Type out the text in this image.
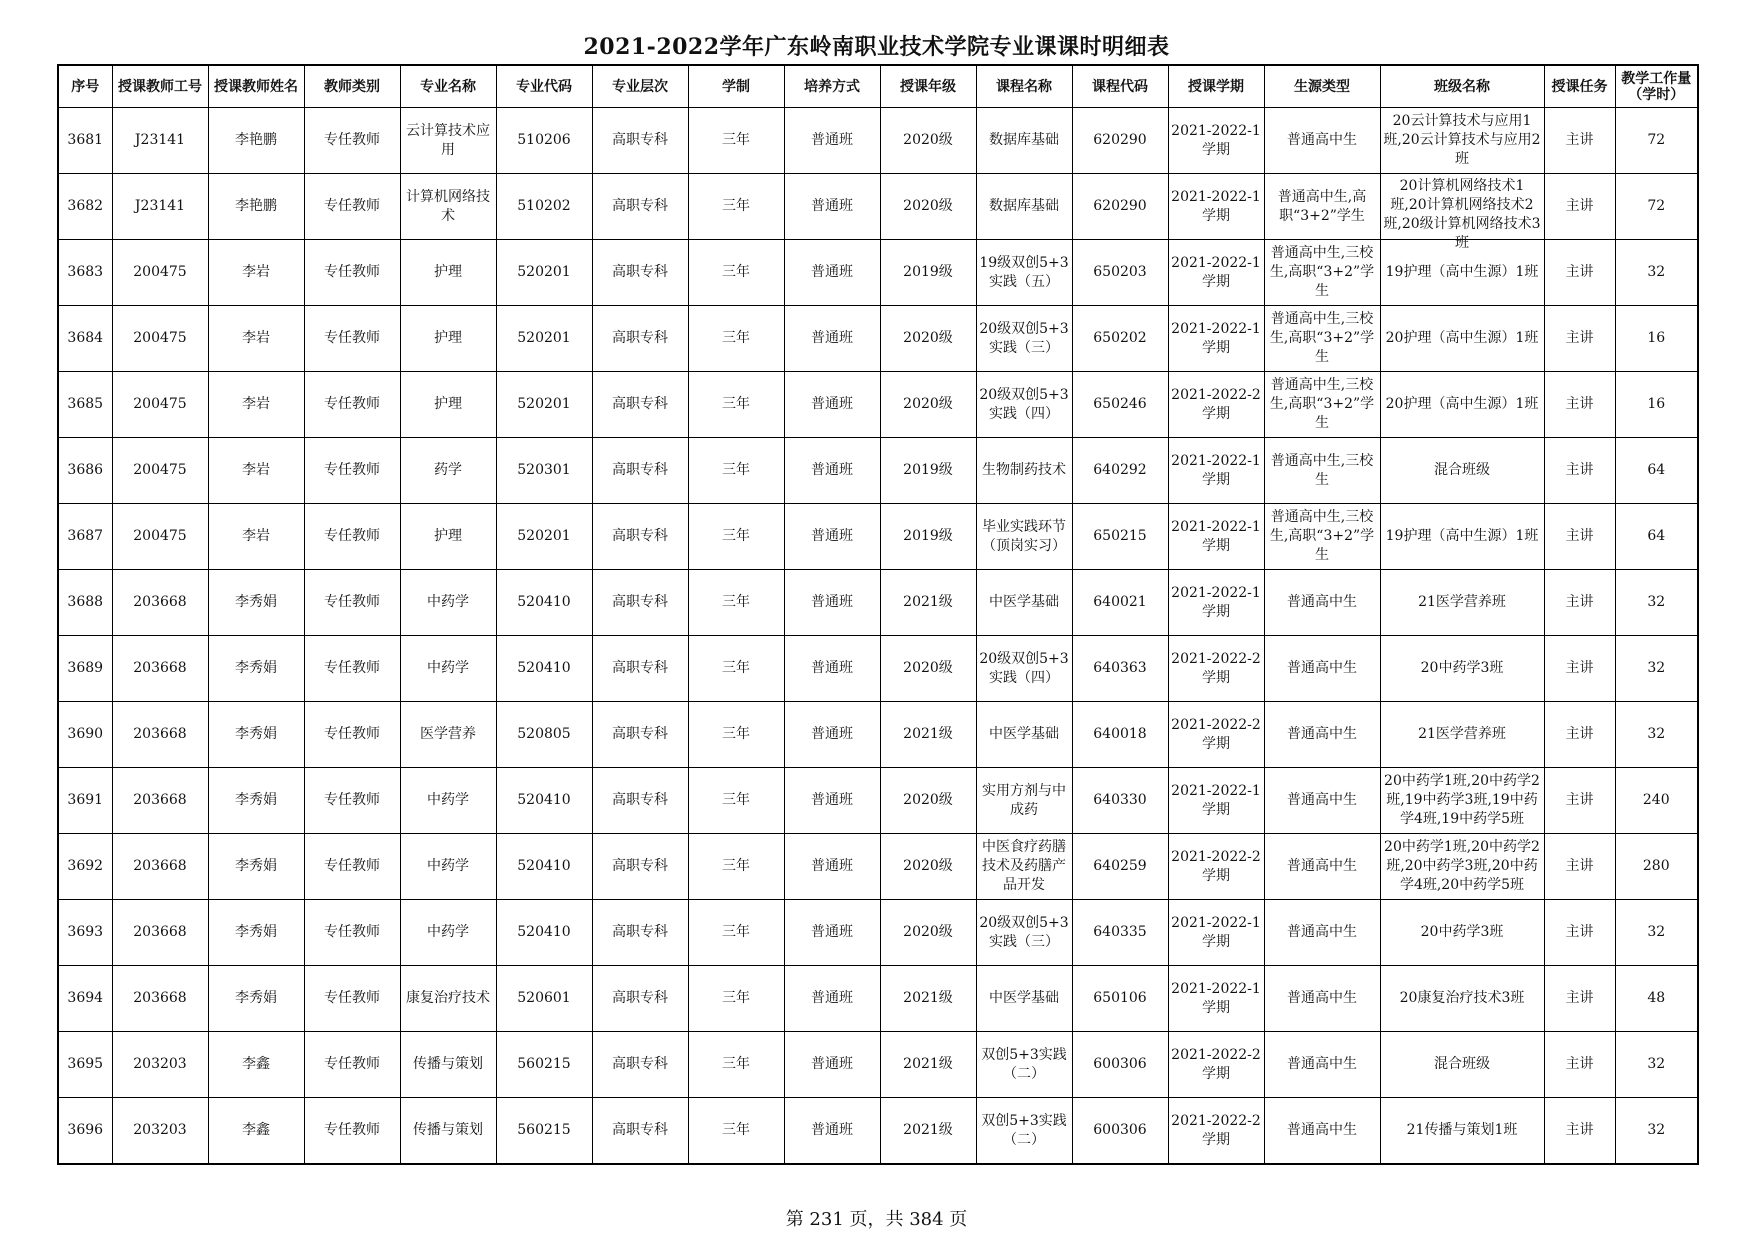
2021-2022学年广东岭南职业技术学院专业课课时明细表
序号	授课教师工号	授课教师姓名	教师类别	专业名称	专业代码	专业层次	学制	培养方式	授课年级	课程名称	课程代码	授课学期	生源类型	班级名称	授课任务	教学工作量（学时）

3681	J23141	李艳鹏	专任教师	云计算技术应用	510206	高职专科	三年	普通班	2020级	数据库基础	620290	2021-2022-1学期	普通高中生	20云计算技术与应用1班,20云计算技术与应用2班	主讲	72

3682	J23141	李艳鹏	专任教师	计算机网络技术	510202	高职专科	三年	普通班	2020级	数据库基础	620290	2021-2022-1学期	普通高中生,高职“3+2”学生	20计算机网络技术1班,20计算机网络技术2班,20级计算机网络技术3班	主讲	72

3683	200475	李岩	专任教师	护理	520201	高职专科	三年	普通班	2019级	19级双创5+3实践（五）	650203	2021-2022-1学期	普通高中生,三校生,高职“3+2”学生	19护理（高中生源）1班	主讲	32

3684	200475	李岩	专任教师	护理	520201	高职专科	三年	普通班	2020级	20级双创5+3实践（三）	650202	2021-2022-1学期	普通高中生,三校生,高职“3+2”学生	20护理（高中生源）1班	主讲	16

3685	200475	李岩	专任教师	护理	520201	高职专科	三年	普通班	2020级	20级双创5+3实践（四）	650246	2021-2022-2学期	普通高中生,三校生,高职“3+2”学生	20护理（高中生源）1班	主讲	16

3686	200475	李岩	专任教师	药学	520301	高职专科	三年	普通班	2019级	生物制药技术	640292	2021-2022-1学期	普通高中生,三校生	混合班级	主讲	64

3687	200475	李岩	专任教师	护理	520201	高职专科	三年	普通班	2019级	毕业实践环节（顶岗实习）	650215	2021-2022-1学期	普通高中生,三校生,高职“3+2”学生	19护理（高中生源）1班	主讲	64

3688	203668	李秀娟	专任教师	中药学	520410	高职专科	三年	普通班	2021级	中医学基础	640021	2021-2022-1学期	普通高中生	21医学营养班	主讲	32

3689	203668	李秀娟	专任教师	中药学	520410	高职专科	三年	普通班	2020级	20级双创5+3实践（四）	640363	2021-2022-2学期	普通高中生	20中药学3班	主讲	32

3690	203668	李秀娟	专任教师	医学营养	520805	高职专科	三年	普通班	2021级	中医学基础	640018	2021-2022-2学期	普通高中生	21医学营养班	主讲	32

3691	203668	李秀娟	专任教师	中药学	520410	高职专科	三年	普通班	2020级	实用方剂与中成药	640330	2021-2022-1学期	普通高中生	20中药学1班,20中药学2班,19中药学3班,19中药学4班,19中药学5班	主讲	240

3692	203668	李秀娟	专任教师	中药学	520410	高职专科	三年	普通班	2020级	中医食疗药膳技术及药膳产品开发	640259	2021-2022-2学期	普通高中生	20中药学1班,20中药学2班,20中药学3班,20中药学4班,20中药学5班	主讲	280

3693	203668	李秀娟	专任教师	中药学	520410	高职专科	三年	普通班	2020级	20级双创5+3实践（三）	640335	2021-2022-1学期	普通高中生	20中药学3班	主讲	32

3694	203668	李秀娟	专任教师	康复治疗技术	520601	高职专科	三年	普通班	2021级	中医学基础	650106	2021-2022-1学期	普通高中生	20康复治疗技术3班	主讲	48

3695	203203	李鑫	专任教师	传播与策划	560215	高职专科	三年	普通班	2021级	双创5+3实践（二）	600306	2021-2022-2学期	普通高中生	混合班级	主讲	32

3696	203203	李鑫	专任教师	传播与策划	560215	高职专科	三年	普通班	2021级	双创5+3实践（二）	600306	2021-2022-2学期	普通高中生	21传播与策划1班	主讲	32
第 231 页，共 384 页
